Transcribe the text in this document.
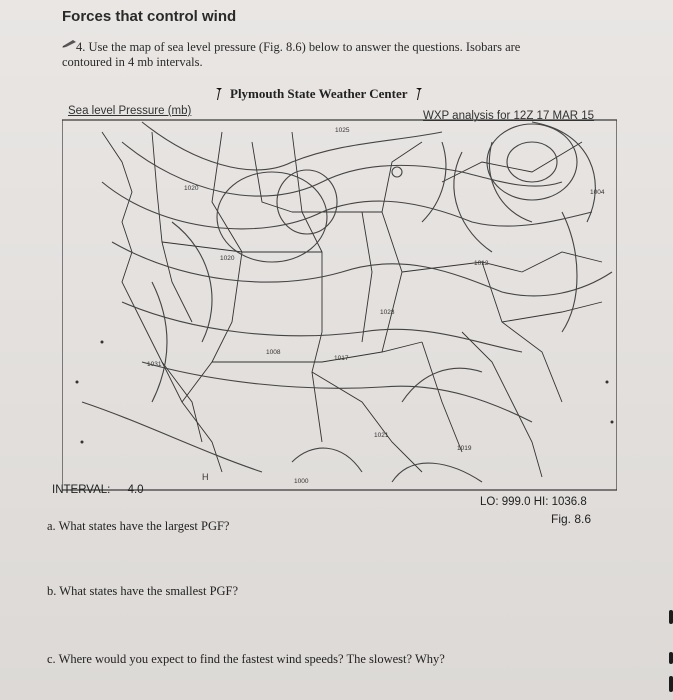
Forces that control wind
4. Use the map of sea level pressure (Fig. 8.6) below to answer the questions. Isobars are
contoured in 4 mb intervals.
Plymouth State Weather Center
1025
1020
1020
1012
1004
1000
1008
1028
1017
1021
1019
1031
H
Sea level Pressure (mb)	WXP analysis for 12Z 17 MAR 15
INTERVAL: 4.0
LO: 999.0 HI: 1036.8
Fig. 8.6
a. What states have the largest PGF?
b. What states have the smallest PGF?
c. Where would you expect to find the fastest wind speeds? The slowest? Why?
